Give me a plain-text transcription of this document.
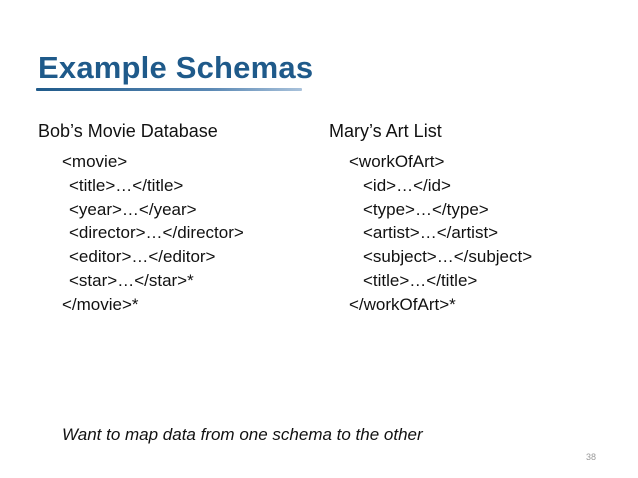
Example Schemas
Bob’s Movie Database	Mary’s Art List
<movie>
<title>…</title>
<year>…</year>
<director>…</director>
<editor>…</editor>
<star>…</star>*
</movie>*
<workOfArt>
<id>…</id>
<type>…</type>
<artist>…</artist>
<subject>…</subject>
<title>…</title>
</workOfArt>*
Want to map data from one schema to the other
38
